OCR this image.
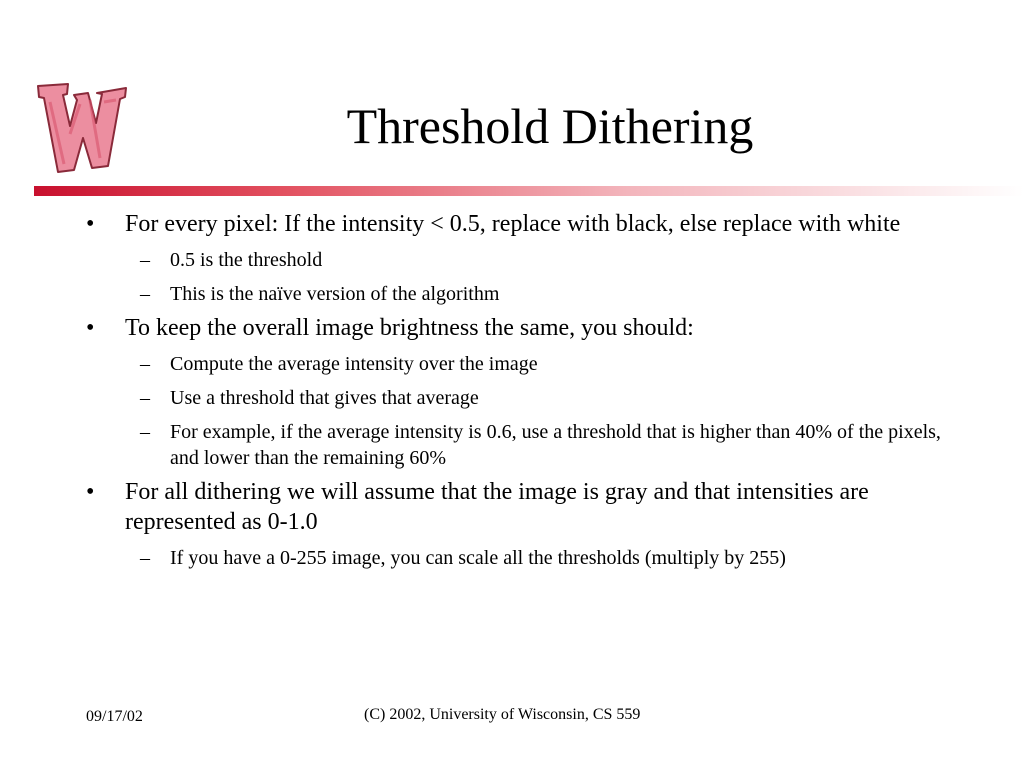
Threshold Dithering
• For every pixel: If the intensity < 0.5, replace with black, else replace with white
– 0.5 is the threshold
– This is the naïve version of the algorithm
• To keep the overall image brightness the same, you should:
– Compute the average intensity over the image
– Use a threshold that gives that average
– For example, if the average intensity is 0.6, use a threshold that is higher than 40% of the pixels, and lower than the remaining 60%
• For all dithering we will assume that the image is gray and that intensities are represented as 0-1.0
– If you have a 0-255 image, you can scale all the thresholds (multiply by 255)
09/17/02	(C) 2002, University of Wisconsin, CS 559
